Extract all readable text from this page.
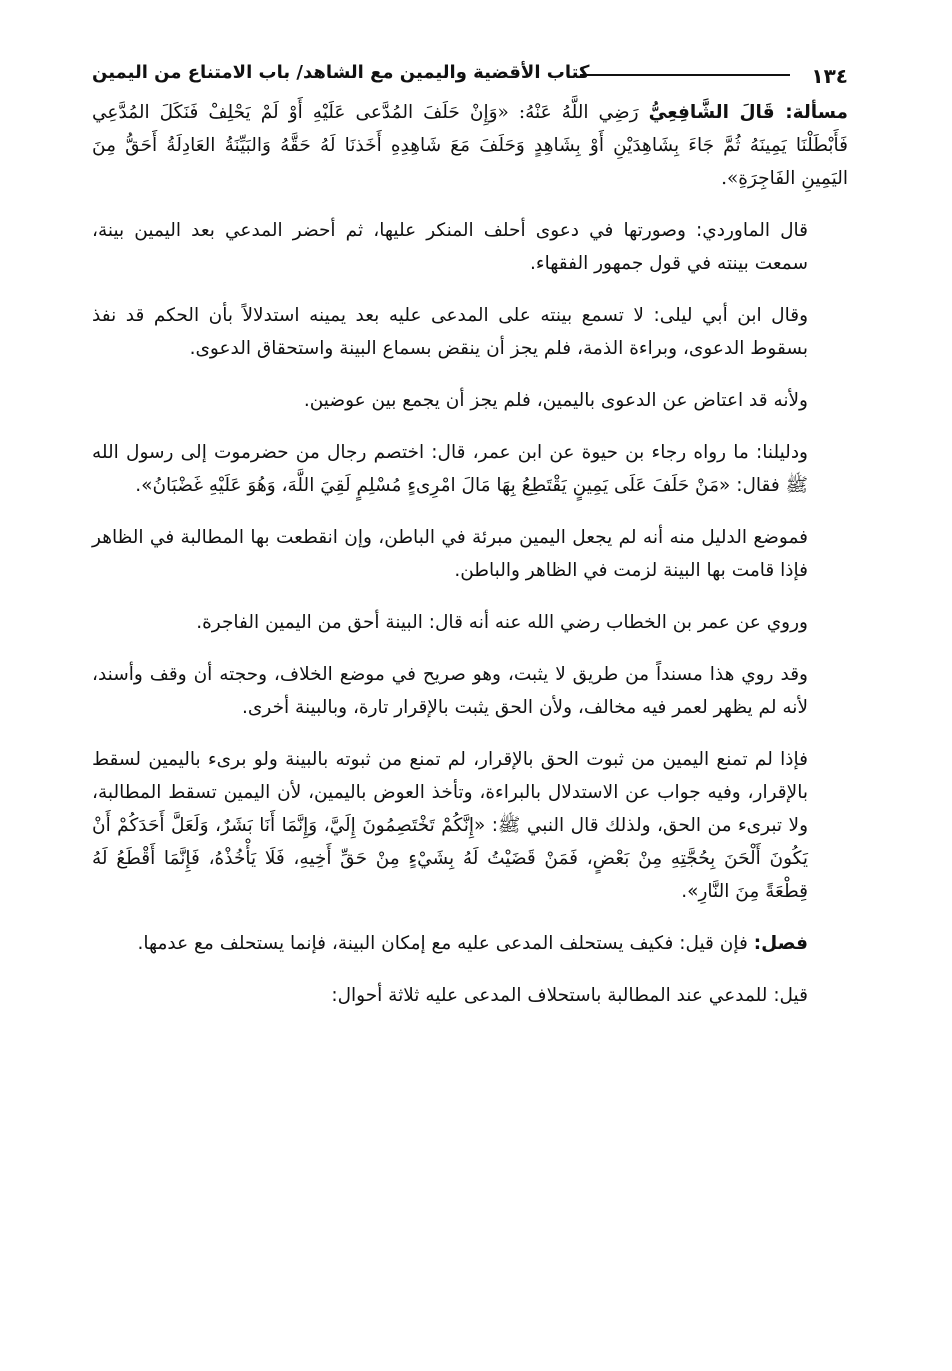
١٣٤
كتاب الأقضية واليمين مع الشاهد/ باب الامتناع من اليمين

مسألة: قَالَ الشَّافِعِيُّ رَضِي اللَّهُ عَنْهُ: «وَإِنْ حَلَفَ المُدَّعى عَلَيْهِ أَوْ لَمْ يَحْلِفْ فَنَكَلَ المُدَّعِي فَأَبْطَلْنَا يَمِينَهُ ثُمَّ جَاءَ بِشَاهِدَيْنِ أَوْ بِشَاهِدٍ وَحَلَفَ مَعَ شَاهِدِهِ أَخَذنَا لَهُ حَقَّهُ وَالبَيِّنَةُ العَادِلَةُ أَحَقُّ مِنَ اليَمِينِ الفَاجِرَةِ».

قال الماوردي: وصورتها في دعوى أحلف المنكر عليها، ثم أحضر المدعي بعد اليمين بينة، سمعت بينته في قول جمهور الفقهاء.

وقال ابن أبي ليلى: لا تسمع بينته على المدعى عليه بعد يمينه استدلالاً بأن الحكم قد نفذ بسقوط الدعوى، وبراءة الذمة، فلم يجز أن ينقض بسماع البينة واستحقاق الدعوى.

ولأنه قد اعتاض عن الدعوى باليمين، فلم يجز أن يجمع بين عوضين.

ودليلنا: ما رواه رجاء بن حيوة عن ابن عمر، قال: اختصم رجال من حضرموت إلى رسول الله ﷺ فقال: «مَنْ حَلَفَ عَلَى يَمِينٍ يَقْتَطِعُ بِهَا مَالَ امْرِىءٍ مُسْلِمٍ لَقِيَ اللَّهَ، وَهُوَ عَلَيْهِ غَضْبَانُ».

فموضع الدليل منه أنه لم يجعل اليمين مبرئة في الباطن، وإن انقطعت بها المطالبة في الظاهر فإذا قامت بها البينة لزمت في الظاهر والباطن.

وروي عن عمر بن الخطاب رضي الله عنه أنه قال: البينة أحق من اليمين الفاجرة.

وقد روي هذا مسنداً من طريق لا يثبت، وهو صريح في موضع الخلاف، وحجته أن وقف وأسند، لأنه لم يظهر لعمر فيه مخالف، ولأن الحق يثبت بالإقرار تارة، وبالبينة أخرى.

فإذا لم تمنع اليمين من ثبوت الحق بالإقرار، لم تمنع من ثبوته بالبينة ولو برىء باليمين لسقط بالإقرار، وفيه جواب عن الاستدلال بالبراءة، وتأخذ العوض باليمين، لأن اليمين تسقط المطالبة، ولا تبرىء من الحق، ولذلك قال النبي ﷺ: «إِنَّكُمْ تَخْتَصِمُونَ إِلَيَّ، وَإِنَّمَا أَنَا بَشَرٌ، وَلَعَلَّ أَحَدَكُمْ أَنْ يَكُونَ أَلْحَنَ بِحُجَّتِهِ مِنْ بَعْضٍ، فَمَنْ قَضَيْتُ لَهُ بِشَيْءٍ مِنْ حَقِّ أَخِيهِ، فَلَا يَأْخُذْهُ، فَإِنَّمَا أَقْطَعُ لَهُ قِطْعَةً مِنَ النَّارِ».

فصل: فإن قيل: فكيف يستحلف المدعى عليه مع إمكان البينة، فإنما يستحلف مع عدمها.

قيل: للمدعي عند المطالبة باستحلاف المدعى عليه ثلاثة أحوال:
